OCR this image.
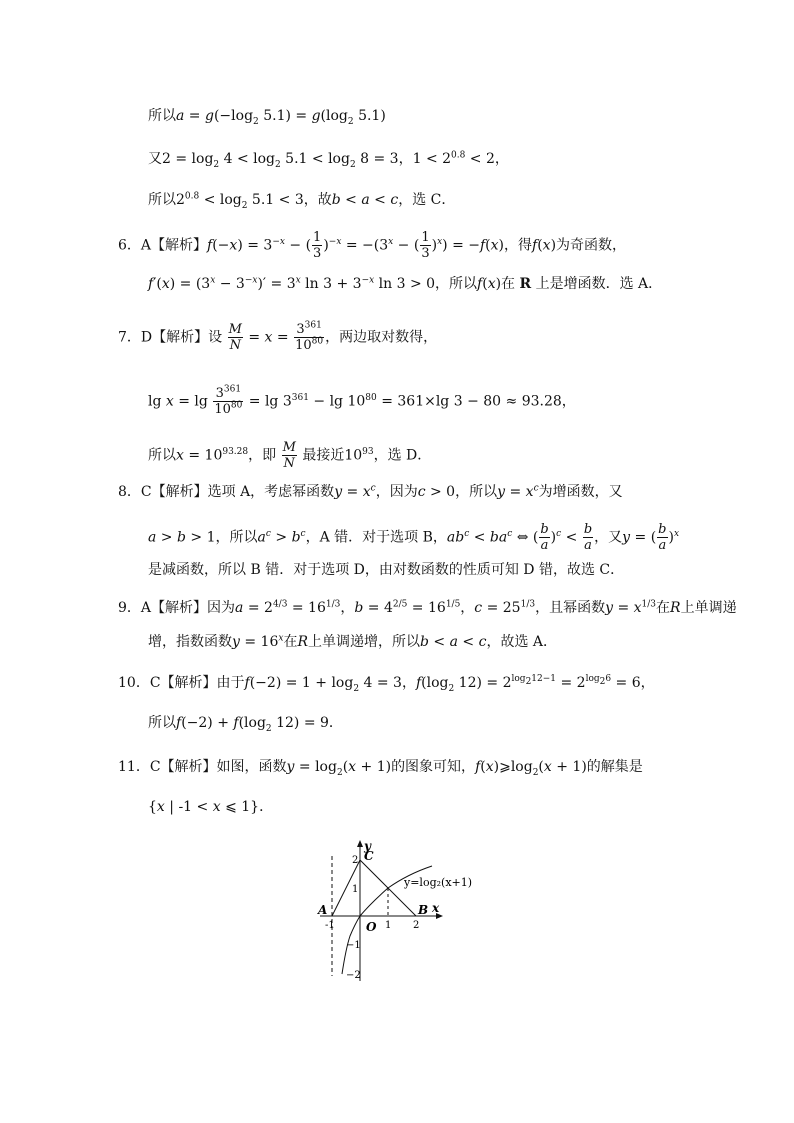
所以$a = g(-\log_2$ $5.1) = g(\log_2$ 5.1)
又$2 = \log_2 4 < \log_2 5.1 < \log_2 8 = 3$，$1 < 2^{0.8} < 2$，
所以$2^{0.8} < \log_2 5.1 < 3$，故b < a < c，选 C．
6．A【解析】$f(-x) = 3^{-x}$ − ( $\frac{1}{3} )^{-x} = -(3^x$ − ( $\frac{1}{3} )^x) = -f(x)$，得f(x)为奇函数，
$f'(x) = (3^x - 3^{-x})' = 3^x$ $\ln 3 + 3^{-x}$ ln 3 > 0，所以f(x)在 R 上是增函数．选 A．
7．D【解析】设 $\frac{M}{N} = x = \frac{3^{361}}{10^{80}}$ ，两边取对数得，
$\lg x = \lg \frac{3^{361}}{10^{80}} = \lg 3^{361} - \lg 10^{80} = 361\times\lg$ 3 − 80 ≈ 93.28，
所以$x = 10^{93.28}$，即 $\frac{M}{N}$ 最接近$10^{93}$，选 D．
8．C【解析】选项 A，考虑幂函数$y = x^c$，因为c > 0，所以$y = x^c$为增函数，又
a > b > 1，所以$a^c > b^c$，A 错．对于选项 B，$ab^c < ba^c$ ⇔ ( $\frac{b}{a} )^c < \frac{b}{a}$ ，又y = ( $\frac{b}{a} )^x$
是减函数，所以 B 错．对于选项 D，由对数函数的性质可知 D 错，故选 C．
9．A【解析】因为$a = 2^{4/3} = 16^{1/3}$，$b = 4^{2/5} = 16^{1/5}$，$c = 25^{1/3}$，且幂函数$y = x^{1/3}$在R上单调递
增，指数函数$y = 16^x$在R上单调递增，所以b < a < c，故选 A．
10．C【解析】由于$f(-2) = 1 + \log_2 4 = 3$，$f(\log_2$ $12) = 2^{log_212-1} = 2^{log_26} = 6$，
所以$f(-2) + f(\log_2$ 12) = 9．
11．C【解析】如图，函数$y = \log_2(x + 1)$的图象可知，$f(x)⩾\log_2(x + 1)$的解集是
{x | -1 < x ⩽ 1}．
y
x
C
A	B
O
-1	1 2
2
1
−1
−2
y=log₂(x+1)
